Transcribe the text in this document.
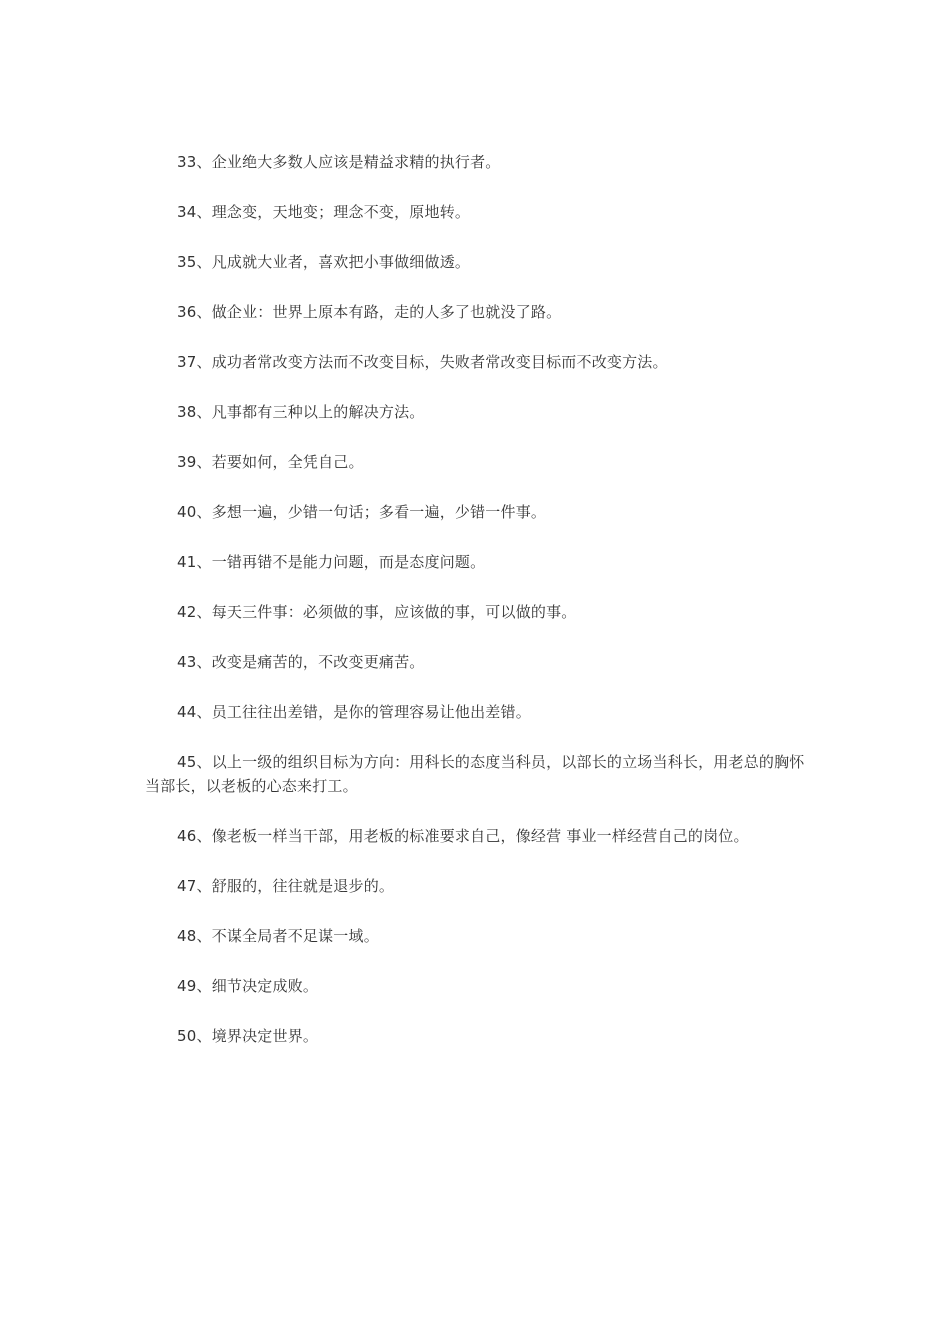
33、企业绝大多数人应该是精益求精的执行者。

34、理念变，天地变；理念不变，原地转。

35、凡成就大业者，喜欢把小事做细做透。

36、做企业：世界上原本有路，走的人多了也就没了路。

37、成功者常改变方法而不改变目标，失败者常改变目标而不改变方法。

38、凡事都有三种以上的解决方法。

39、若要如何，全凭自己。

40、多想一遍，少错一句话；多看一遍，少错一件事。

41、一错再错不是能力问题，而是态度问题。

42、每天三件事：必须做的事，应该做的事，可以做的事。

43、改变是痛苦的，不改变更痛苦。

44、员工往往出差错，是你的管理容易让他出差错。

45、以上一级的组织目标为方向：用科长的态度当科员，以部长的立场当科长，用老总的胸怀当部长，以老板的心态来打工。

46、像老板一样当干部，用老板的标准要求自己，像经营 事业一样经营自己的岗位。

47、舒服的，往往就是退步的。

48、不谋全局者不足谋一域。

49、细节决定成败。

50、境界决定世界。
